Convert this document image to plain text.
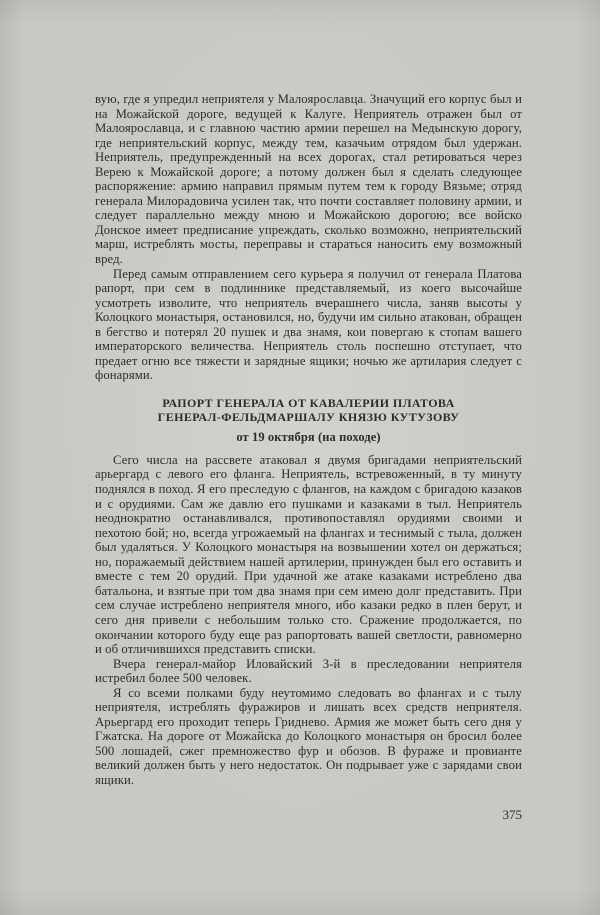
вую, где я упредил неприятеля у Малоярославца. Значущий его корпус был и на Можайской дороге, ведущей к Калуге. Неприятель отражен был от Малоярославца, и с главною частию армии перешел на Медынскую дорогу, где неприятельский корпус, между тем, казачьим отрядом был удержан. Неприятель, предупрежденный на всех дорогах, стал ретироваться через Верею к Можайской дороге; а потому должен был я сделать следующее распоряжение: армию направил прямым путем тем к городу Вязьме; отряд генерала Милорадовича усилен так, что почти составляет половину армии, и следует параллельно между мною и Можайскою дорогою; все войско Донское имеет предписание упреждать, сколько возможно, неприятельский марш, истреблять мосты, переправы и стараться наносить ему возможный вред.

Перед самым отправлением сего курьера я получил от генерала Платова рапорт, при сем в подлиннике представляемый, из коего высочайше усмотреть изволите, что неприятель вчерашнего числа, заняв высоты у Колоцкого монастыря, остановился, но, будучи им сильно атакован, обращен в бегство и потерял 20 пушек и два знамя, кои повергаю к стопам вашего императорского величества. Неприятель столь поспешно отступает, что предает огню все тяжести и зарядные ящики; ночью же артилария следует с фонарями.

РАПОРТ ГЕНЕРАЛА ОТ КАВАЛЕРИИ ПЛАТОВА
ГЕНЕРАЛ-ФЕЛЬДМАРШАЛУ КНЯЗЮ КУТУЗОВУ
от 19 октября (на походе)

Сего числа на рассвете атаковал я двумя бригадами неприятельский арьергард с левого его фланга. Неприятель, встревоженный, в ту минуту поднялся в поход. Я его преследую с флангов, на каждом с бригадою казаков и с орудиями. Сам же давлю его пушками и казаками в тыл. Неприятель неоднократно останавливался, противопоставлял орудиями своими и пехотою бой; но, всегда угрожаемый на флангах и теснимый с тыла, должен был удаляться. У Колоцкого монастыря на возвышении хотел он держаться; но, поражаемый действием нашей артилерии, принужден был его оставить и вместе с тем 20 орудий. При удачной же атаке казаками истреблено два батальона, и взятые при том два знамя при сем имею долг представить. При сем случае истреблено неприятеля много, ибо казаки редко в плен берут, и сего дня привели с небольшим только сто. Сражение продолжается, по окончании которого буду еще раз рапортовать вашей светлости, равномерно и об отличившихся представить списки.

Вчера генерал-майор Иловайский 3-й в преследовании неприятеля истребил более 500 человек.

Я со всеми полками буду неутомимо следовать во флангах и с тылу неприятеля, истреблять фуражиров и лишать всех средств неприятеля. Арьергард его проходит теперь Гриднево. Армия же может быть сего дня у Гжатска. На дороге от Можайска до Колоцкого монастыря он бросил более 500 лошадей, сжег премножество фур и обозов. В фураже и провианте великий должен быть у него недостаток. Он подрывает уже с зарядами свои ящики.

375
